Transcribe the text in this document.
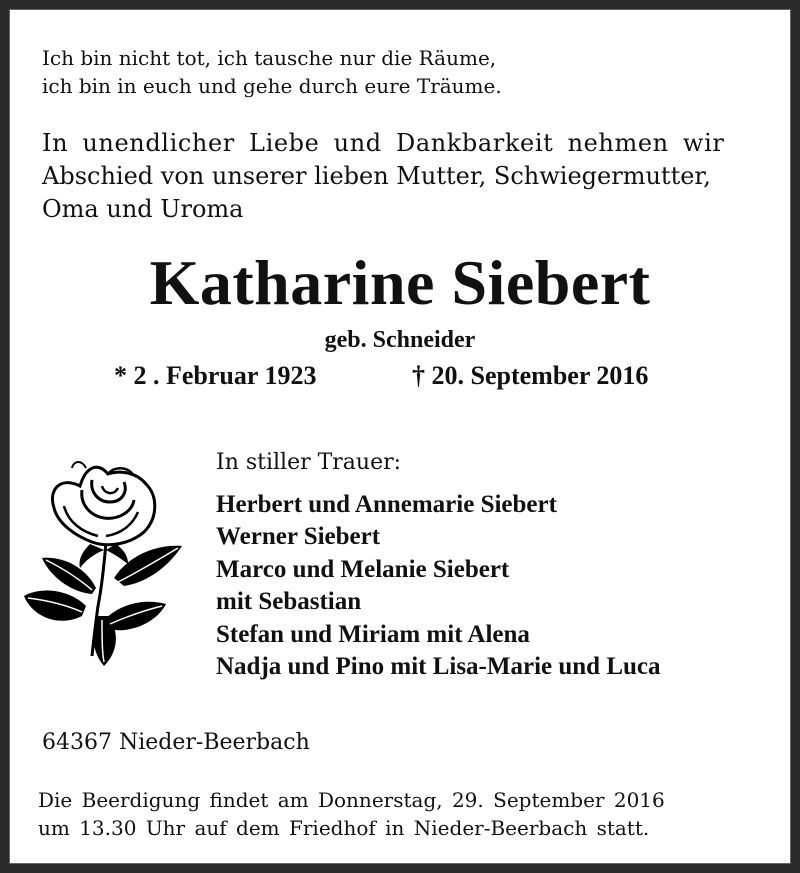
Ich bin nicht tot, ich tausche nur die Räume,
ich bin in euch und gehe durch eure Träume.
In unendlicher Liebe und Dankbarkeit nehmen wir
Abschied von unserer lieben Mutter, Schwiegermutter,
Oma und Uroma
Katharine Siebert
geb. Schneider
* 2 . Februar 1923	† 20. September 2016
In stiller Trauer:
Herbert und Annemarie Siebert
Werner Siebert
Marco und Melanie Siebert
mit Sebastian
Stefan und Miriam mit Alena
Nadja und Pino mit Lisa-Marie und Luca
64367 Nieder-Beerbach
Die Beerdigung findet am Donnerstag, 29. September 2016
um 13.30 Uhr auf dem Friedhof in Nieder-Beerbach statt.
